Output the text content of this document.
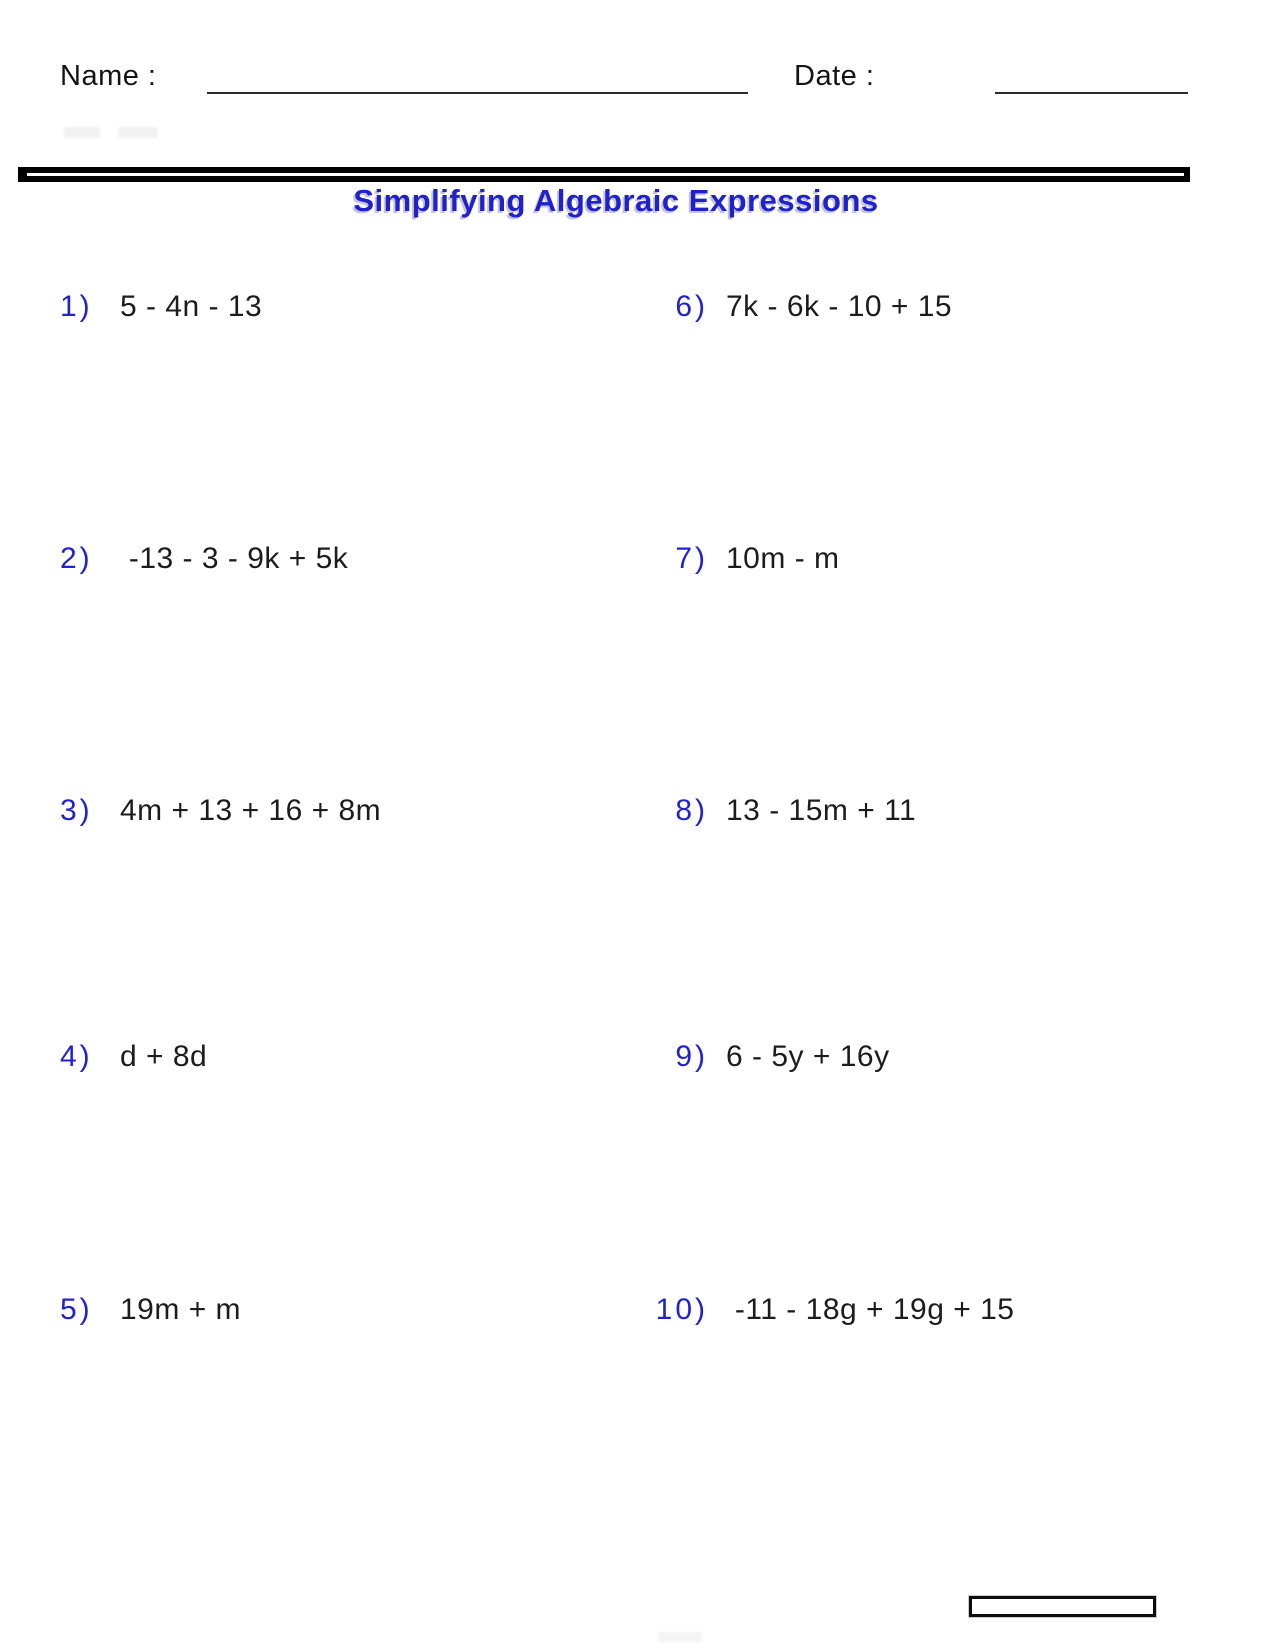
Name :	Date :
Simplifying Algebraic Expressions
1) 5 - 4n - 13
2) -13 - 3 - 9k + 5k
3) 4m + 13 + 16 + 8m
4) d + 8d
5) 19m + m
6) 7k - 6k - 10 + 15
7) 10m - m
8) 13 - 15m + 11
9) 6 - 5y + 16y
10) -11 - 18g + 19g + 15
